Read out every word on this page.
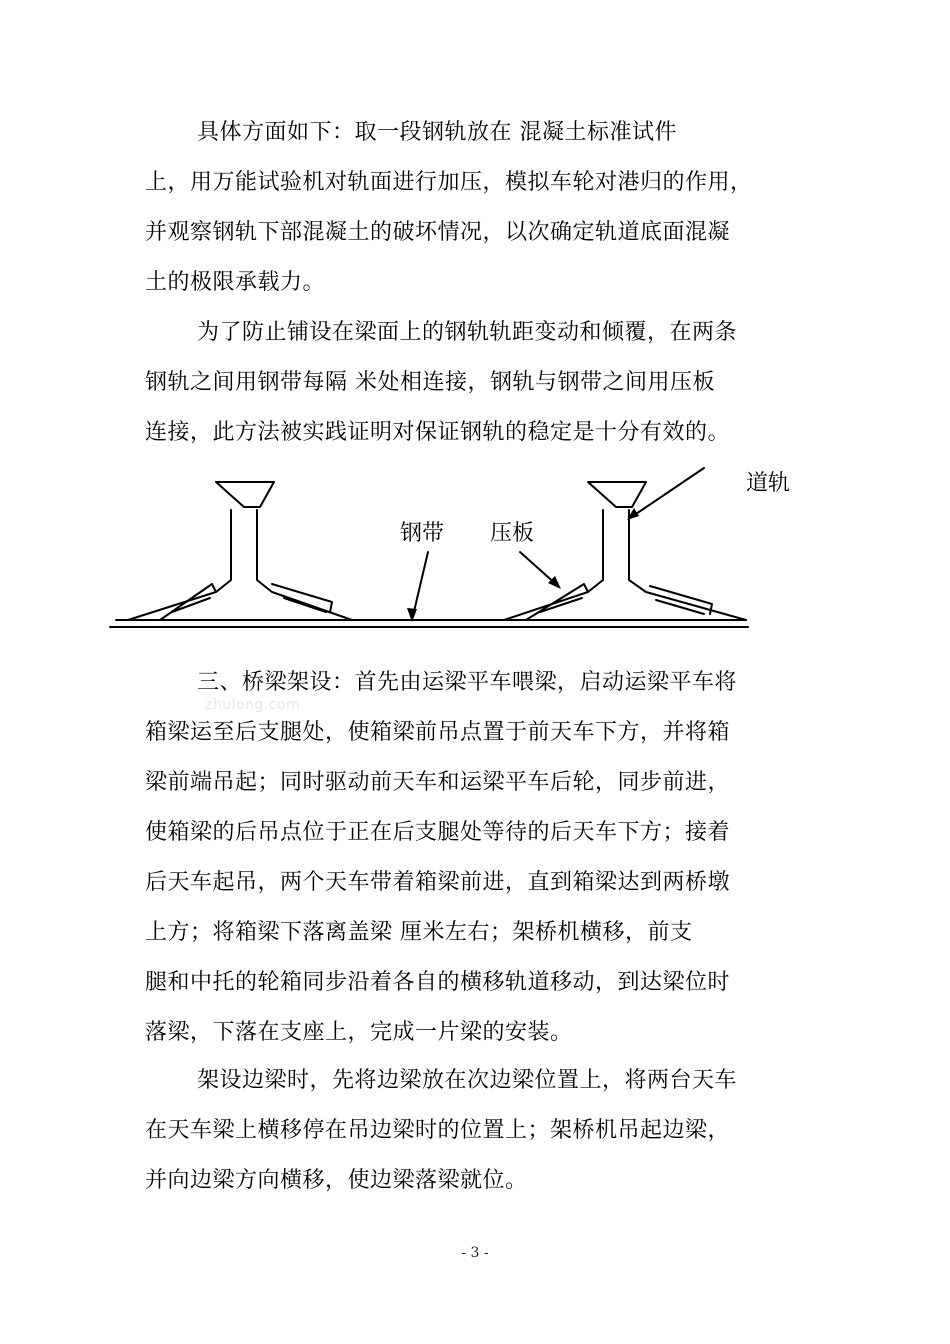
具体方面如下：取一段钢轨放在 混凝土标准试件
上，用万能试验机对轨面进行加压，模拟车轮对港归的作用，
并观察钢轨下部混凝土的破坏情况，以次确定轨道底面混凝
土的极限承载力。
为了防止铺设在梁面上的钢轨轨距变动和倾覆，在两条
钢轨之间用钢带每隔 米处相连接，钢轨与钢带之间用压板
连接，此方法被实践证明对保证钢轨的稳定是十分有效的。
道轨
钢带 压板
三、桥梁架设：首先由运梁平车喂梁，启动运梁平车将
箱梁运至后支腿处，使箱梁前吊点置于前天车下方，并将箱
梁前端吊起；同时驱动前天车和运梁平车后轮，同步前进，
使箱梁的后吊点位于正在后支腿处等待的后天车下方；接着
后天车起吊，两个天车带着箱梁前进，直到箱梁达到两桥墩
上方；将箱梁下落离盖梁 厘米左右；架桥机横移，前支
腿和中托的轮箱同步沿着各自的横移轨道移动，到达梁位时
落梁，下落在支座上，完成一片梁的安装。
zhulong.com
架设边梁时，先将边梁放在次边梁位置上，将两台天车
在天车梁上横移停在吊边梁时的位置上；架桥机吊起边梁，
并向边梁方向横移，使边梁落梁就位。
- 3 -
